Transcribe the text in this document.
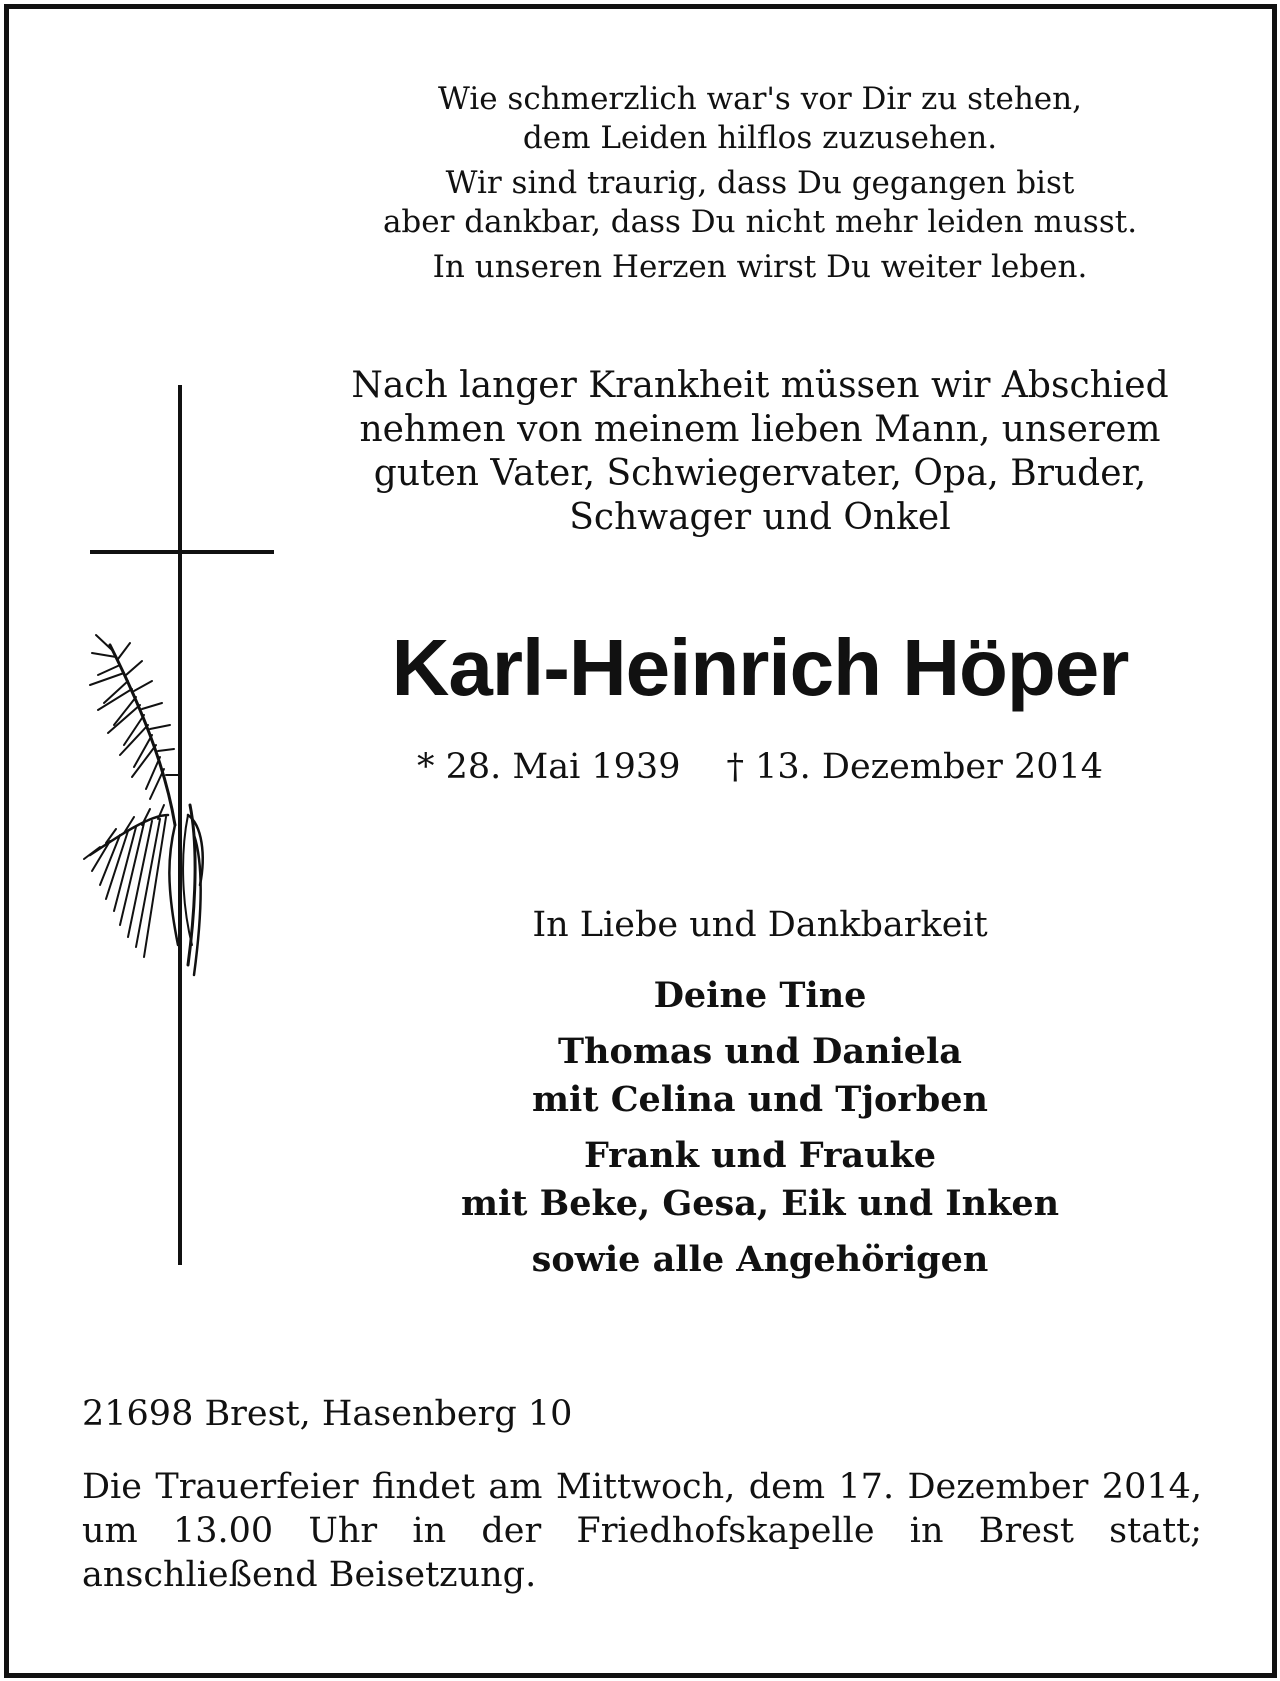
Wie schmerzlich war's vor Dir zu stehen,
dem Leiden hilflos zuzusehen.
Wir sind traurig, dass Du gegangen bist
aber dankbar, dass Du nicht mehr leiden musst.
In unseren Herzen wirst Du weiter leben.
Nach langer Krankheit müssen wir Abschied
nehmen von meinem lieben Mann, unserem
guten Vater, Schwiegervater, Opa, Bruder,
Schwager und Onkel
Karl-Heinrich Höper
* 28. Mai 1939 † 13. Dezember 2014
In Liebe und Dankbarkeit
Deine Tine
Thomas und Daniela
mit Celina und Tjorben
Frank und Frauke
mit Beke, Gesa, Eik und Inken
sowie alle Angehörigen
21698 Brest, Hasenberg 10
Die Trauerfeier findet am Mittwoch, dem 17. Dezember 2014, um 13.00 Uhr in der Friedhofskapelle in Brest statt; anschließend Beisetzung.
